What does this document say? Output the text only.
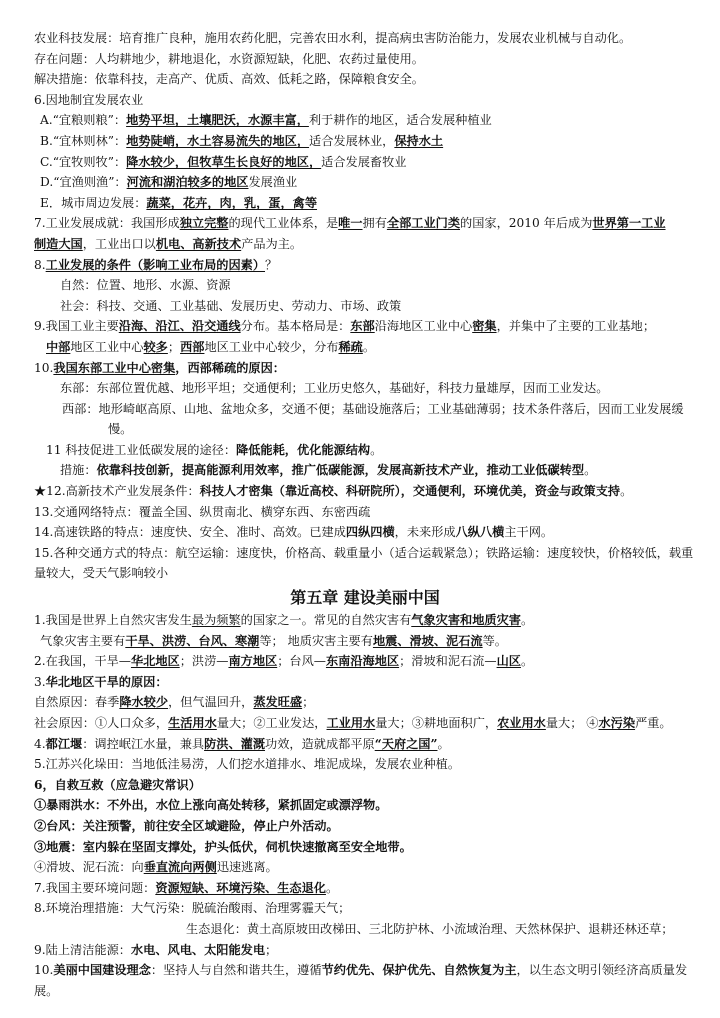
农业科技发展：培育推广良种，施用农药化肥，完善农田水利，提高病虫害防治能力，发展农业机械与自动化。
存在问题：人均耕地少，耕地退化，水资源短缺，化肥、农药过量使用。
解决措施：依靠科技，走高产、优质、高效、低耗之路，保障粮食安全。
6.因地制宜发展农业
A.“宜粮则粮”：地势平坦，土壤肥沃，水源丰富，利于耕作的地区，适合发展种植业
B.“宜林则林”：地势陡峭，水土容易流失的地区，适合发展林业，保持水土
C.“宜牧则牧”：降水较少，但牧草生长良好的地区，适合发展畜牧业
D.“宜渔则渔”：河流和湖泊较多的地区发展渔业
E．城市周边发展：蔬菜，花卉，肉，乳，蛋，禽等
7.工业发展成就：我国形成独立完整的现代工业体系，是唯一拥有全部工业门类的国家，2010 年后成为世界第一工业
制造大国，工业出口以机电、高新技术产品为主。
8.工业发展的条件（影响工业布局的因素）？
自然：位置、地形、水源、资源
社会：科技、交通、工业基础、发展历史、劳动力、市场、政策
9.我国工业主要沿海、沿江、沿交通线分布。基本格局是：东部沿海地区工业中心密集，并集中了主要的工业基地；
中部地区工业中心较多；西部地区工业中心较少，分布稀疏。
10.我国东部工业中心密集，西部稀疏的原因：
东部：东部位置优越、地形平坦；交通便利；工业历史悠久，基础好，科技力量雄厚，因而工业发达。
西部：地形崎岖高原、山地、盆地众多，交通不便；基础设施落后；工业基础薄弱；技术条件落后，因而工业发展缓慢。
11 科技促进工业低碳发展的途径：降低能耗，优化能源结构。
措施：依靠科技创新，提高能源利用效率，推广低碳能源，发展高新技术产业，推动工业低碳转型。
★12.高新技术产业发展条件：科技人才密集（靠近高校、科研院所），交通便利，环境优美，资金与政策支持。
13.交通网络特点：覆盖全国、纵贯南北、横穿东西、东密西疏
14.高速铁路的特点：速度快、安全、准时、高效。已建成四纵四横，未来形成八纵八横主干网。
15.各种交通方式的特点：航空运输：速度快，价格高、载重量小（适合运载紧急）；铁路运输：速度较快，价格较低，载重量较大，受天气影响较小
第五章 建设美丽中国
1.我国是世界上自然灾害发生最为频繁的国家之一。常见的自然灾害有气象灾害和地质灾害。
气象灾害主要有干旱、洪涝、台风、寒潮等； 地质灾害主要有地震、滑坡、泥石流等。
2.在我国，干旱—华北地区；洪涝—南方地区；台风—东南沿海地区；滑坡和泥石流—山区。
3.华北地区干旱的原因：
自然原因：春季降水较少，但气温回升，蒸发旺盛；
社会原因：①人口众多，生活用水量大；②工业发达，工业用水量大；③耕地面积广，农业用水量大； ④水污染严重。
4.都江堰：调控岷江水量，兼具防洪、灌溉功效，造就成都平原“天府之国”。
5.江苏兴化垛田：当地低洼易涝，人们挖水道排水、堆泥成垛，发展农业种植。
6，自救互救（应急避灾常识）
①暴雨洪水：不外出，水位上涨向高处转移，紧抓固定或漂浮物。
②台风：关注预警，前往安全区域避险，停止户外活动。
③地震：室内躲在坚固支撑处，护头低伏，伺机快速撤离至安全地带。
④滑坡、泥石流：向垂直流向两侧迅速逃离。
7.我国主要环境问题：资源短缺、环境污染、生态退化。
8.环境治理措施：大气污染：脱硫治酸雨、治理雾霾天气；
生态退化：黄土高原坡田改梯田、三北防护林、小流域治理、天然林保护、退耕还林还草；
9.陆上清洁能源：水电、风电、太阳能发电；
10.美丽中国建设理念：坚持人与自然和谐共生，遵循节约优先、保护优先、自然恢复为主，以生态文明引领经济高质量发展。
